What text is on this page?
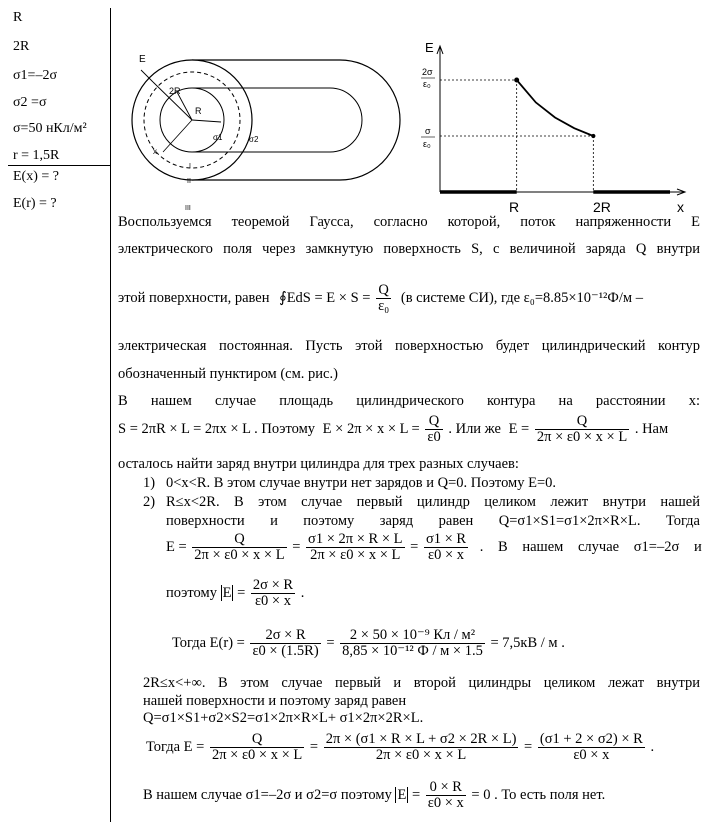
R
2R
σ1=–2σ
σ2 =σ
σ=50 нКл/м²
r = 1,5R
E(x) = ?
E(r) = ?
E
2R
R
σ1	σ2
x
I
II
III
E
x
R	2R
2σ
ε₀
σ
ε₀
Воспользуемся теоремой Гаусса, согласно которой, поток напряженности E
электрического поля через замкнутую поверхность S, с величиной заряда Q внутри
этой поверхности, равен ∮EdS = $E \times S = \frac{Q}{\text{ε₀}} (в$ системе СИ), где ε₀=8.85×10⁻¹²Ф/м –
электрическая постоянная. Пусть этой поверхностью будет цилиндрический контур
обозначенный пунктиром (см. рис.)
В нашем случае площадь цилиндрического контура на расстоянии x:
S = 2πR × L = 2πx × L . Поэтому $E \times 2\pi \times x \times L = \frac{Q}{\varepsilon 0}$ . Или же $E = \frac{Q}{2\pi \times \varepsilon 0 \times x \times L}$ . Нам
осталось найти заряд внутри цилиндра для трех разных случаев:
1) 0<x<R. В этом случае внутри нет зарядов и Q=0. Поэтому E=0.
2) R≤x<2R. В этом случае первый цилиндр целиком лежит внутри нашей
поверхности и поэтому заряд равен Q=σ1×S1=σ1×2π×R×L. Тогда
$E = \frac{Q}{2\pi \times \varepsilon 0 \times x \times L} = \frac{\sigma 1 \times 2\pi \times R \times L}{2\pi \times \varepsilon 0 \times x \times L} = \frac{\sigma 1 \times R}{\varepsilon 0 \times x}$ . В нашем случае σ1=–2σ и
поэтому $E = \frac{2\sigma \times R}{\varepsilon 0 \times x}$ .
Тогда $E(r) = \frac{2\sigma \times R}{\varepsilon 0 \times (1.5R)} = \frac{\text{2 × 50 × 10⁻⁹ Кл / м²}}{\text{8,85 × 10⁻¹² Ф / м × 1.5}} = 7,5кВ / м$ .
2R≤x<+∞. В этом случае первый и второй цилиндры целиком лежат внутри
нашей поверхности и поэтому заряд равен
Q=σ1×S1+σ2×S2=σ1×2π×R×L+ σ1×2π×2R×L.
Тогда $E = \frac{Q}{2\pi \times \varepsilon 0 \times x \times L} = \frac{2\pi \times (\sigma 1 \times R \times L + \sigma 2 \times 2R \times L)}{2\pi \times \varepsilon 0 \times x \times L} = \frac{(\sigma 1 + 2 \times \sigma 2) \times R}{\varepsilon 0 \times x}$ .
В нашем случае σ1=–2σ и σ2=σ поэтому $E = \frac{0 \times R}{\varepsilon 0 \times x} = 0$ . То есть поля нет.
